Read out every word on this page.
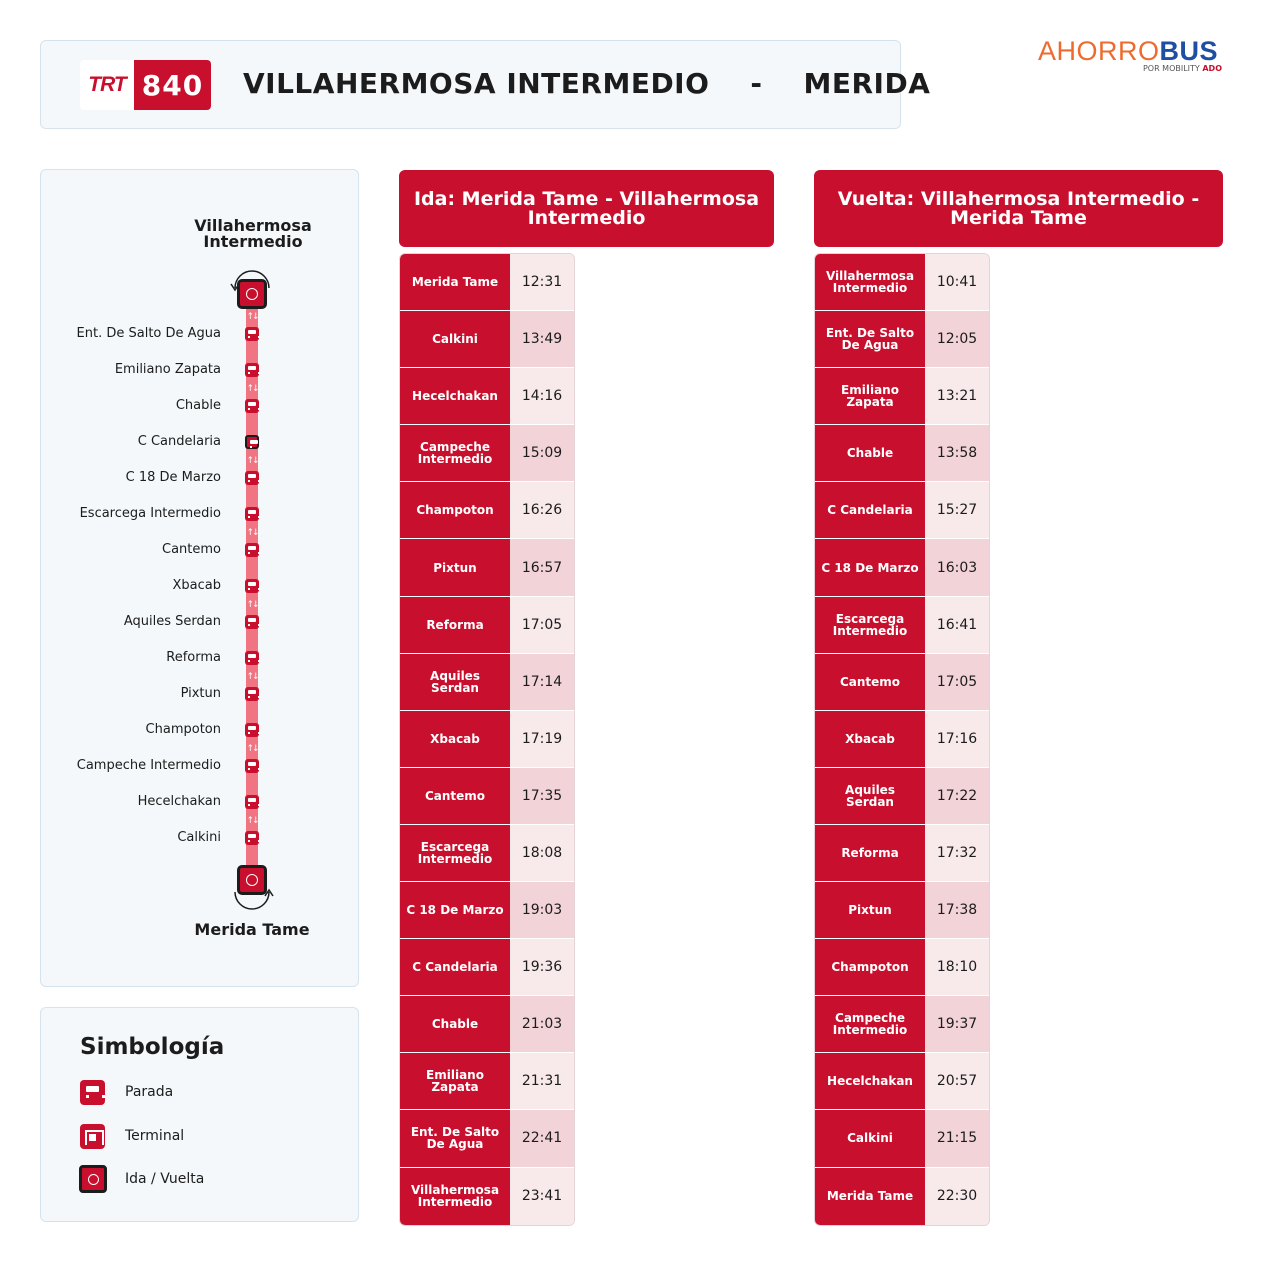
TRT 840 VILLAHERMOSA INTERMEDIO    -    MERIDA
AHORROBUS
POR MOBILITY ADO
Villahermosa Intermedio
Ent. De Salto De Agua
Emiliano Zapata
Chable
C Candelaria
C 18 De Marzo
Escarcega Intermedio
Cantemo
Xbacab
Aquiles Serdan
Reforma
Pixtun
Champoton
Campeche Intermedio
Hecelchakan
Calkini
↑↓
↑↓
↑↓
↑↓
↑↓
↑↓
↑↓
↑↓
Merida Tame
Simbología
Parada
Terminal
Ida / Vuelta
Ida: Merida Tame - Villahermosa Intermedio
Merida Tame	12:31
Calkini	13:49
Hecelchakan	14:16
Campeche Intermedio	15:09
Champoton	16:26
Pixtun	16:57
Reforma	17:05
Aquiles Serdan	17:14
Xbacab	17:19
Cantemo	17:35
Escarcega Intermedio	18:08
C 18 De Marzo	19:03
C Candelaria	19:36
Chable	21:03
Emiliano Zapata	21:31
Ent. De Salto De Agua	22:41
Villahermosa Intermedio	23:41
Vuelta: Villahermosa Intermedio - Merida Tame
Villahermosa Intermedio	10:41
Ent. De Salto De Agua	12:05
Emiliano Zapata	13:21
Chable	13:58
C Candelaria	15:27
C 18 De Marzo	16:03
Escarcega Intermedio	16:41
Cantemo	17:05
Xbacab	17:16
Aquiles Serdan	17:22
Reforma	17:32
Pixtun	17:38
Champoton	18:10
Campeche Intermedio	19:37
Hecelchakan	20:57
Calkini	21:15
Merida Tame	22:30
